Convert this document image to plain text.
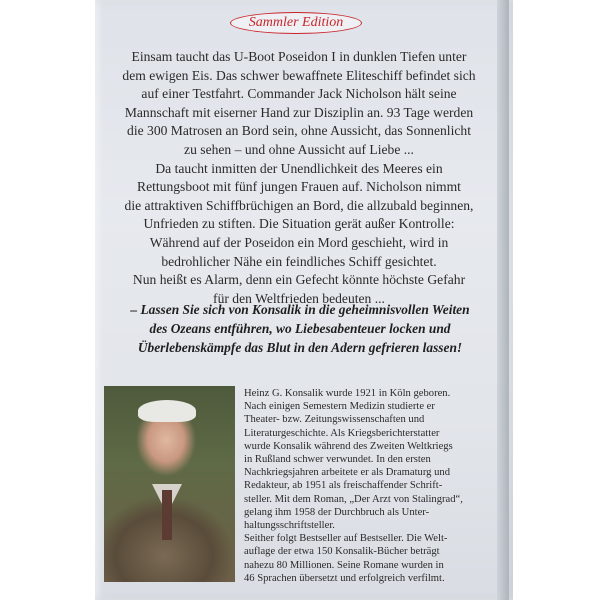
Sammler Edition

Einsam taucht das U-Boot Poseidon I in dunklen Tiefen unter

dem ewigen Eis. Das schwer bewaffnete Eliteschiff befindet sich

auf einer Testfahrt. Commander Jack Nicholson hält seine

Mannschaft mit eiserner Hand zur Disziplin an. 93 Tage werden

die 300 Matrosen an Bord sein, ohne Aussicht, das Sonnenlicht

zu sehen – und ohne Aussicht auf Liebe ...

Da taucht inmitten der Unendlichkeit des Meeres ein

Rettungsboot mit fünf jungen Frauen auf. Nicholson nimmt

die attraktiven Schiffbrüchigen an Bord, die allzubald beginnen,

Unfrieden zu stiften. Die Situation gerät außer Kontrolle:

Während auf der Poseidon ein Mord geschieht, wird in

bedrohlicher Nähe ein feindliches Schiff gesichtet.

Nun heißt es Alarm, denn ein Gefecht könnte höchste Gefahr

für den Weltfrieden bedeuten ...

– Lassen Sie sich von Konsalik in die geheimnisvollen Weiten

des Ozeans entführen, wo Liebesabenteuer locken und

Überlebenskämpfe das Blut in den Adern gefrieren lassen!

Heinz G. Konsalik wurde 1921 in Köln geboren.

Nach einigen Semestern Medizin studierte er

Theater- bzw. Zeitungswissenschaften und

Literaturgeschichte. Als Kriegsberichterstatter

wurde Konsalik während des Zweiten Weltkriegs

in Rußland schwer verwundet. In den ersten

Nachkriegsjahren arbeitete er als Dramaturg und

Redakteur, ab 1951 als freischaffender Schrift-

steller. Mit dem Roman, „Der Arzt von Stalingrad“,

gelang ihm 1958 der Durchbruch als Unter-

haltungsschriftsteller.

Seither folgt Bestseller auf Bestseller. Die Welt-

auflage der etwa 150 Konsalik-Bücher beträgt

nahezu 80 Millionen. Seine Romane wurden in

46 Sprachen übersetzt und erfolgreich verfilmt.
